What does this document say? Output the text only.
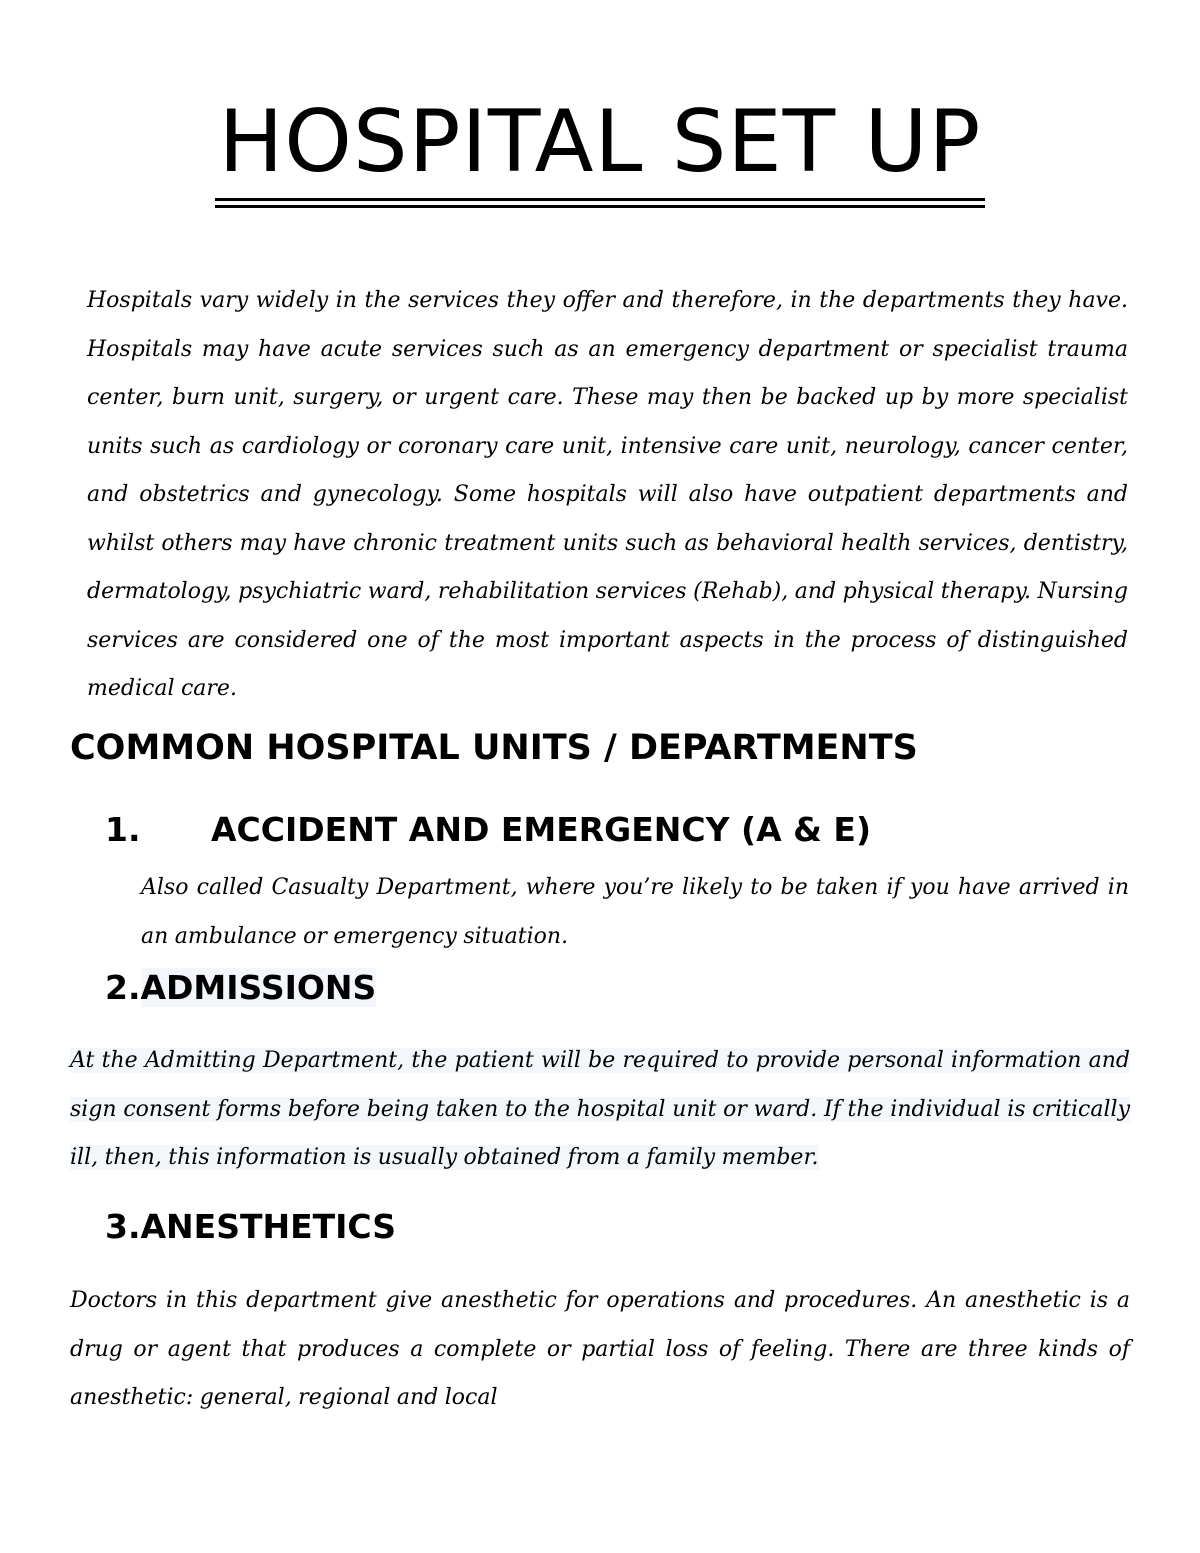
HOSPITAL SET UP

Hospitals vary widely in the services they offer and therefore, in the departments they have. Hospitals may have acute services such as an emergency department or specialist trauma center, burn unit, surgery, or urgent care. These may then be backed up by more specialist units such as cardiology or coronary care unit, intensive care unit, neurology, cancer center, and obstetrics and gynecology. Some hospitals will also have outpatient departments and whilst others may have chronic treatment units such as behavioral health services, dentistry, dermatology, psychiatric ward, rehabilitation services (Rehab), and physical therapy. Nursing services are considered one of the most important aspects in the process of distinguished medical care.

COMMON HOSPITAL UNITS / DEPARTMENTS
1. ACCIDENT AND EMERGENCY (A & E)

Also called Casualty Department, where you’re likely to be taken if you have arrived in an ambulance or emergency situation.

2.ADMISSIONS

At the Admitting Department, the patient will be required to provide personal information and sign consent forms before being taken to the hospital unit or ward. If the individual is critically ill, then, this information is usually obtained from a family member.

3.ANESTHETICS

Doctors in this department give anesthetic for operations and procedures. An anesthetic is a drug or agent that produces a complete or partial loss of feeling. There are three kinds of anesthetic: general, regional and local
